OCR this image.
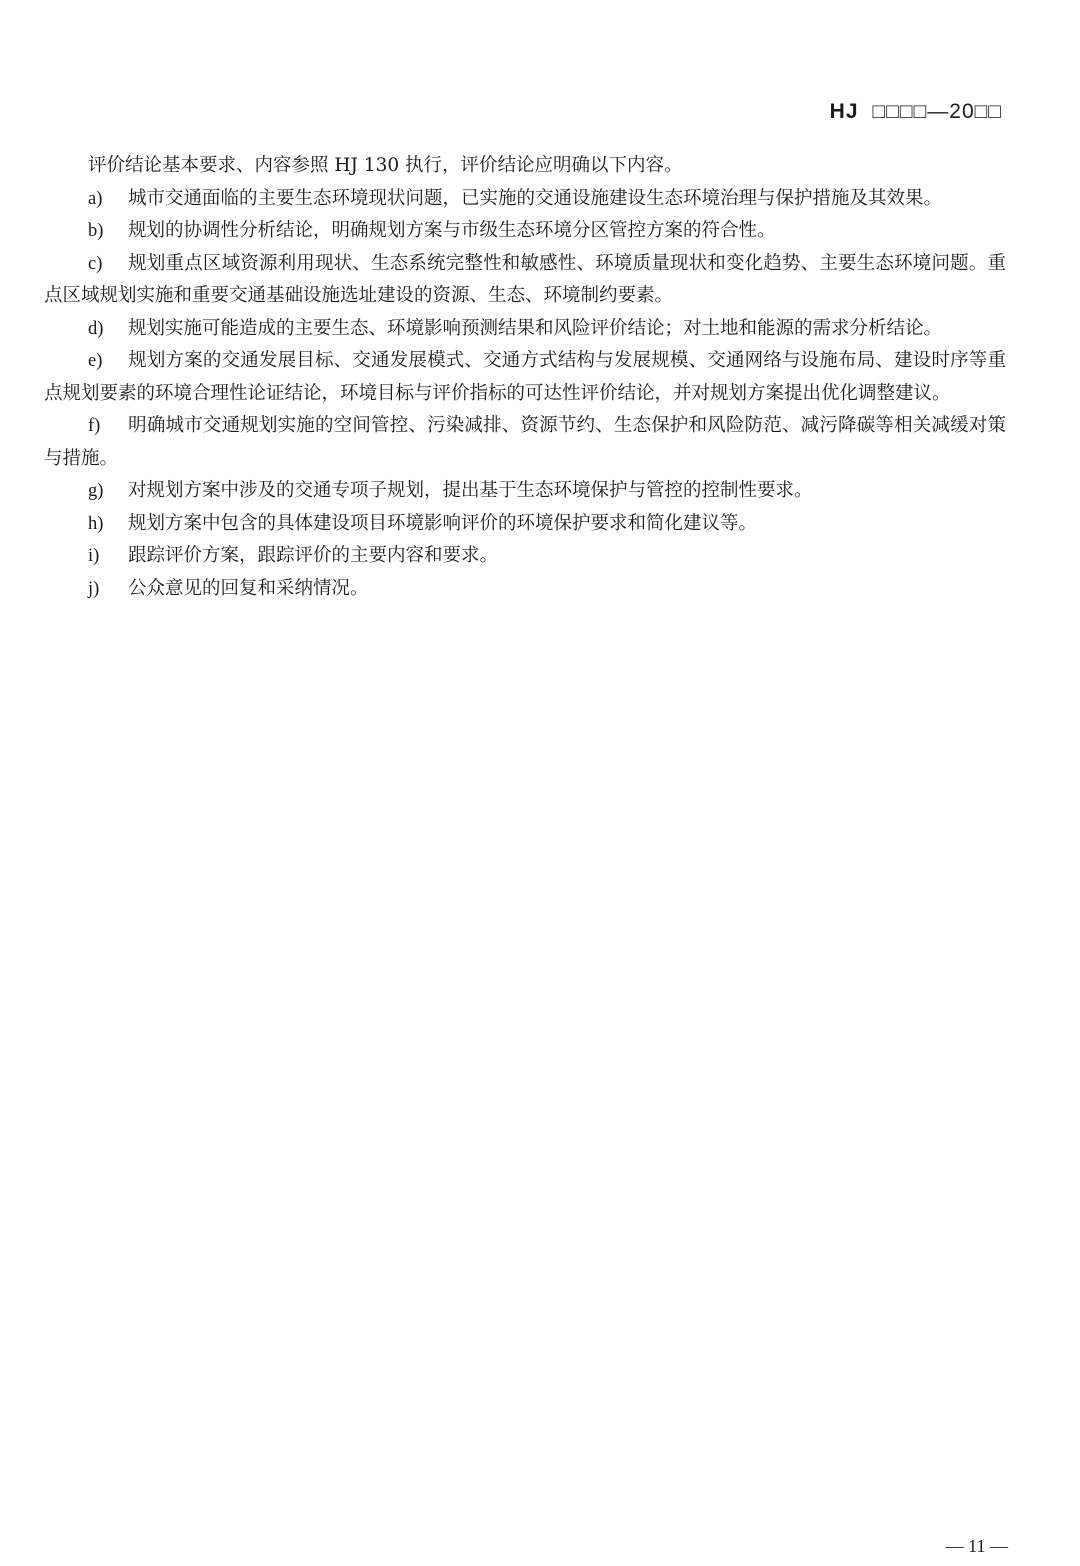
HJ □□□□—20□□

评价结论基本要求、内容参照 HJ 130 执行，评价结论应明确以下内容。

a) 城市交通面临的主要生态环境现状问题，已实施的交通设施建设生态环境治理与保护措施及其效果。

b) 规划的协调性分析结论，明确规划方案与市级生态环境分区管控方案的符合性。

c) 规划重点区域资源利用现状、生态系统完整性和敏感性、环境质量现状和变化趋势、主要生态环境问题。重点区域规划实施和重要交通基础设施选址建设的资源、生态、环境制约要素。

d) 规划实施可能造成的主要生态、环境影响预测结果和风险评价结论；对土地和能源的需求分析结论。

e) 规划方案的交通发展目标、交通发展模式、交通方式结构与发展规模、交通网络与设施布局、建设时序等重点规划要素的环境合理性论证结论，环境目标与评价指标的可达性评价结论，并对规划方案提出优化调整建议。

f) 明确城市交通规划实施的空间管控、污染减排、资源节约、生态保护和风险防范、减污降碳等相关减缓对策与措施。

g) 对规划方案中涉及的交通专项子规划，提出基于生态环境保护与管控的控制性要求。

h) 规划方案中包含的具体建设项目环境影响评价的环境保护要求和简化建议等。

i) 跟踪评价方案，跟踪评价的主要内容和要求。

j) 公众意见的回复和采纳情况。

— 11 —
